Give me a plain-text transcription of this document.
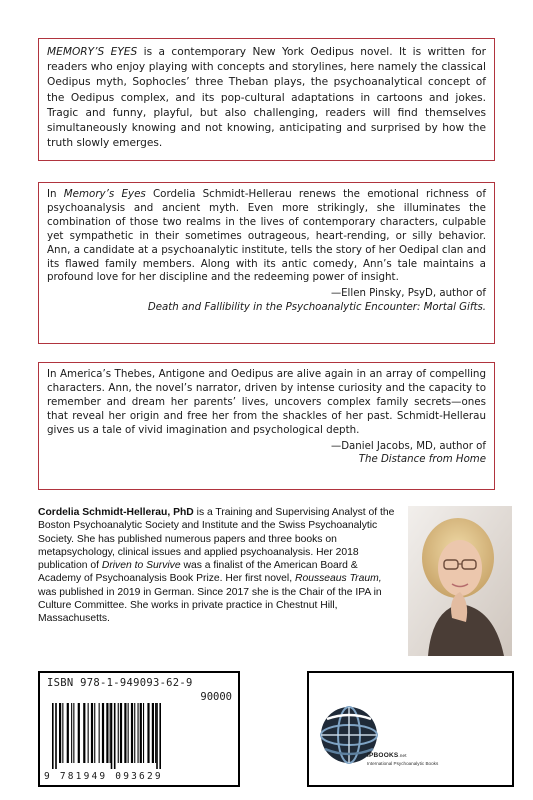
MEMORY’S EYES is a contemporary New York Oedipus novel. It is written for readers who enjoy playing with concepts and storylines, here namely the classical Oedipus myth, Sophocles’ three Theban plays, the psychoanalytical concept of the Oedipus complex, and its pop-cultural adaptations in cartoons and jokes. Tragic and funny, playful, but also challenging, readers will find themselves simultaneously knowing and not knowing, anticipating and surprised by how the truth slowly emerges.

In Memory’s Eyes Cordelia Schmidt-Hellerau renews the emotional richness of psychoanalysis and ancient myth. Even more strikingly, she illuminates the combination of those two realms in the lives of contemporary characters, culpable yet sympathetic in their sometimes outrageous, heart-rending, or silly behavior. Ann, a candidate at a psychoanalytic institute, tells the story of her Oedipal clan and its flawed family members. Along with its antic comedy, Ann’s tale maintains a profound love for her discipline and the redeeming power of insight.

—Ellen Pinsky, PsyD, author of
Death and Fallibility in the Psychoanalytic Encounter: Mortal Gifts.

In America’s Thebes, Antigone and Oedipus are alive again in an array of compelling characters. Ann, the novel’s narrator, driven by intense curiosity and the capacity to remember and dream her parents’ lives, uncovers complex family secrets—ones that reveal her origin and free her from the shackles of her past. Schmidt-Hellerau gives us a tale of vivid imagination and psychological depth.

—Daniel Jacobs, MD, author of
The Distance from Home
Cordelia Schmidt-Hellerau, PhD is a Training and Supervising Analyst of the Boston Psychoanalytic Society and Institute and the Swiss Psychoanalytic Society. She has published numerous papers and three books on metapsychology, clinical issues and applied psychoanalysis. Her 2018 publication of Driven to Survive was a finalist of the American Board & Academy of Psychoanalysis Book Prize. Her first novel, Rousseaus Traum, was published in 2019 in German. Since 2017 she is the Chair of the IPA in Culture Committee. She works in private practice in Chestnut Hill, Massachusetts.
ISBN 978-1-949093-62-9
90000
9 781949 093629
IPBOOKS.net
International Psychoanalytic Books
